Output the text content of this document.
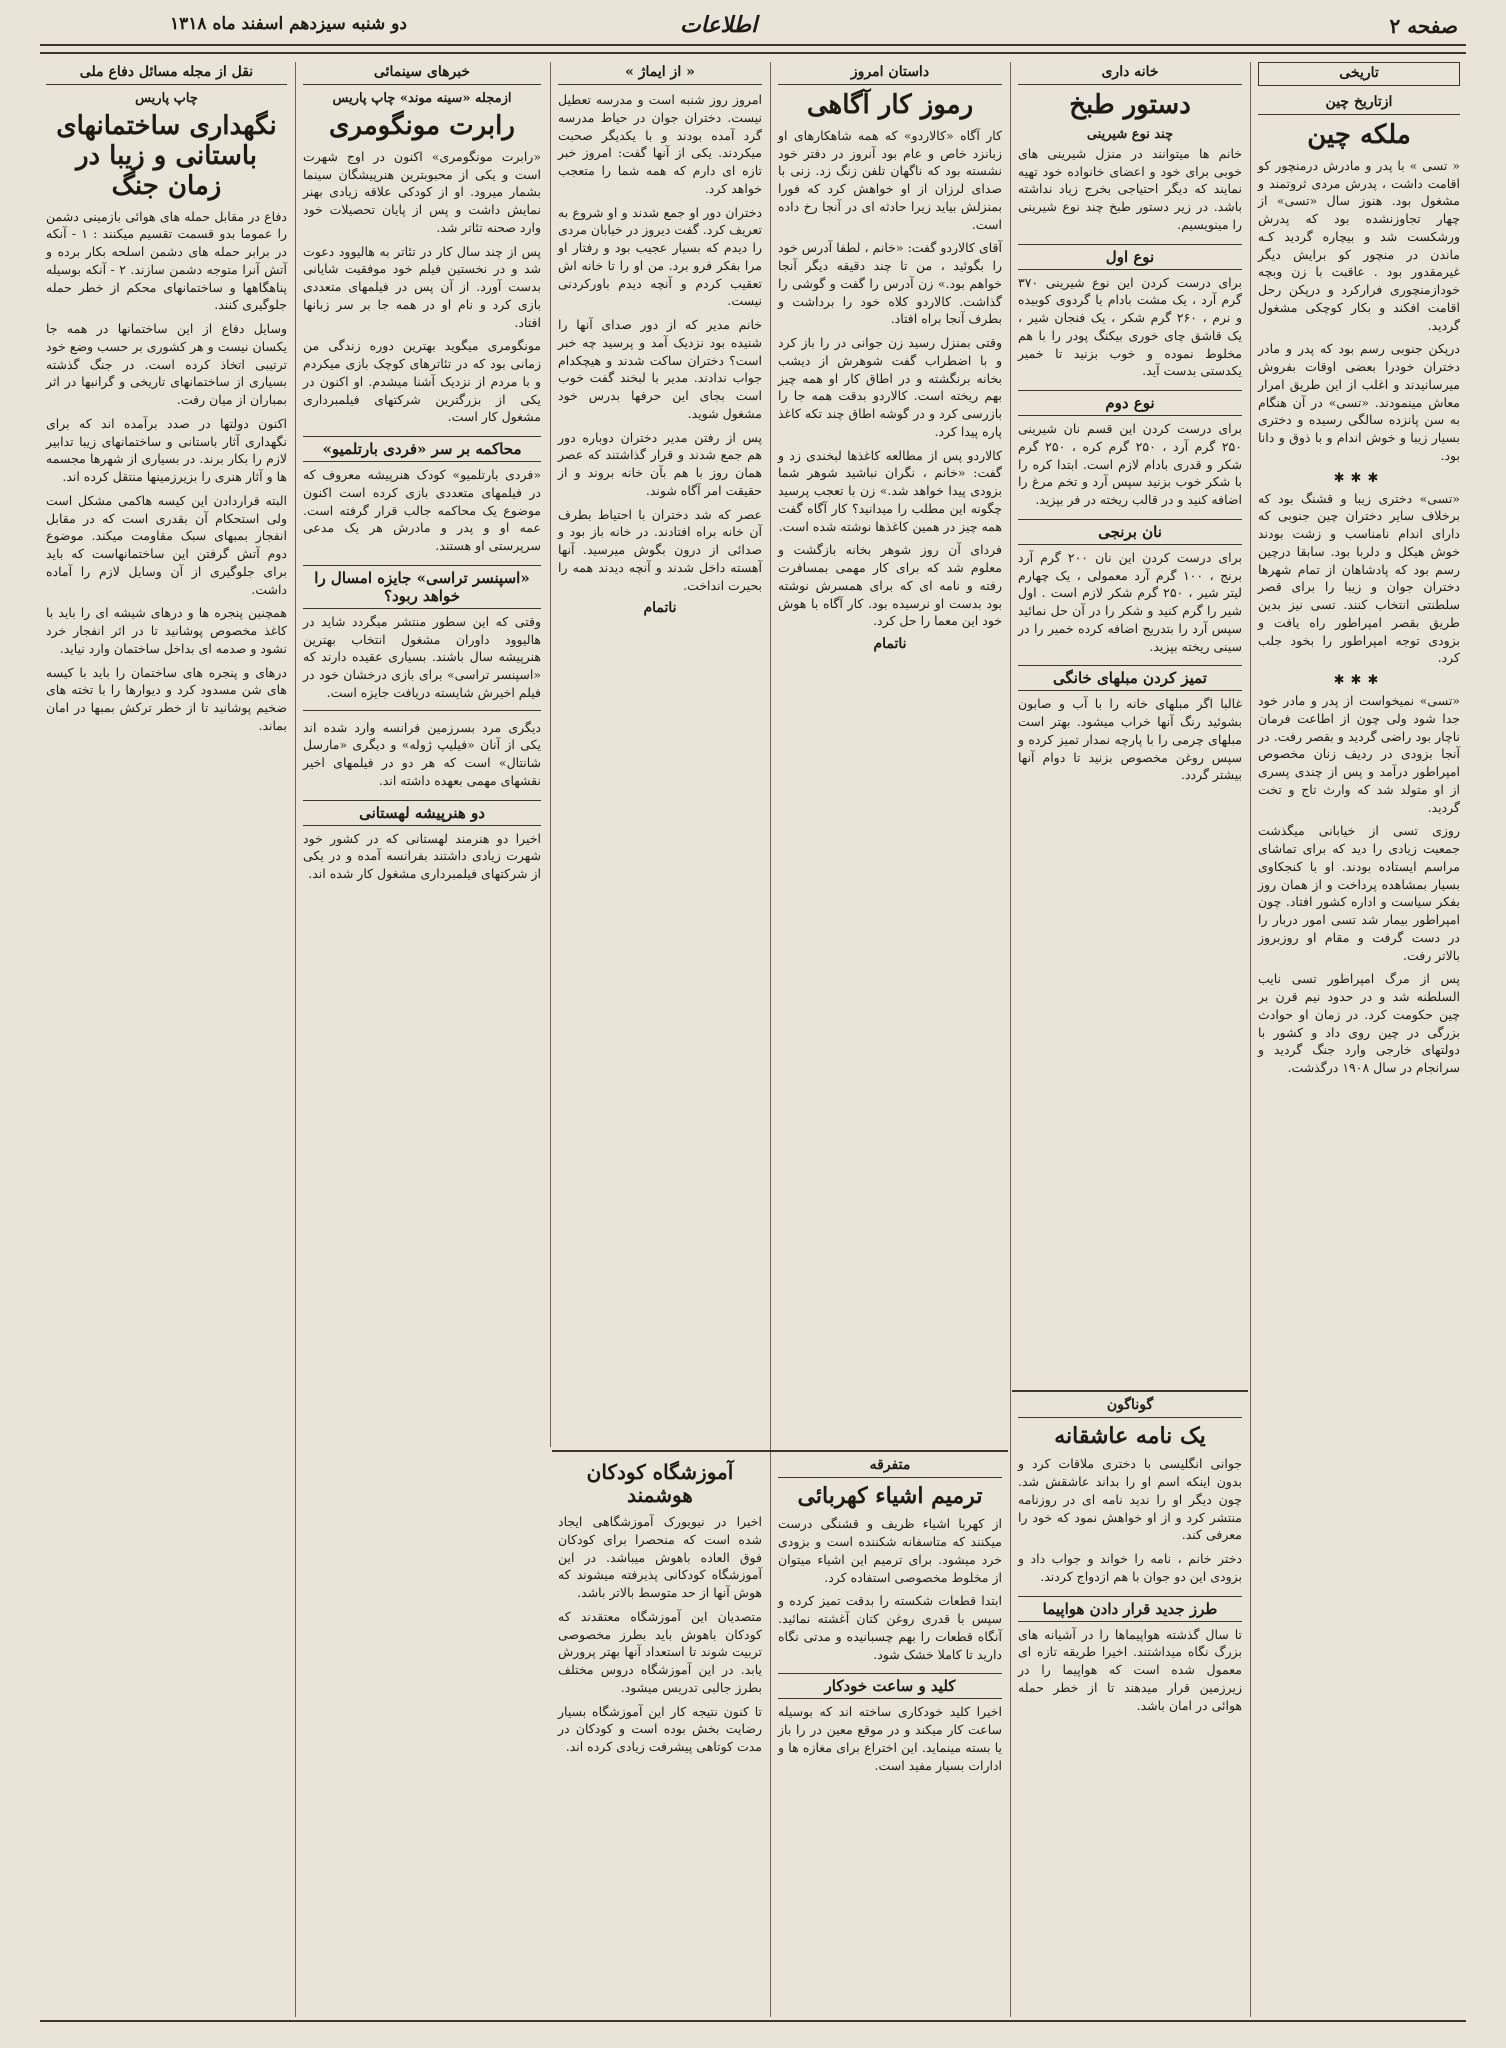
صفحه ۲
اطلاعات
دو شنبه سیزدهم اسفند ماه ۱۳۱۸
تاریخی
ازتاریخ چین
ملکه چین

« تسی » با پدر و مادرش درمنچور کو اقامت داشت ، پدرش مردی ثروتمند و مشغول بود. هنوز سال «تسی» از چهار تجاوزنشده بود که پدرش ورشکست شد و بیچاره گردید کـه ماندن در منچور کو برایش دیگر غیرمقدور بود . عاقبت با زن وبچه خودازمنچوری فرارکرد و درپکن رحل اقامت افکند و بکار کوچکی مشغول گردید.

درپکن جنوبی رسم بود که پدر و مادر دختران خودرا بعضی اوقات بفروش میرسانیدند و اغلب از این طریق امرار معاش مینمودند. «تسی» در آن هنگام به سن پانزده سالگی رسیده و دختری بسیار زیبا و خوش اندام و با ذوق و دانا بود.

✱✱✱

«تسی» دختری زیبا و قشنگ بود که برخلاف سایر دختران چین جنوبی که دارای اندام نامناسب و زشت بودند خوش هیکل و دلربا بود. سابقا درچین رسم بود که پادشاهان از تمام شهرها دختران جوان و زیبا را برای قصر سلطنتی انتخاب کنند. تسی نیز بدین طریق بقصر امپراطور راه یافت و بزودی توجه امپراطور را بخود جلب کرد.

✱✱✱

«تسی» نمیخواست از پدر و مادر خود جدا شود ولی چون از اطاعت فرمان ناچار بود راضی گردید و بقصر رفت. در آنجا بزودی در ردیف زنان مخصوص امپراطور درآمد و پس از چندی پسری از او متولد شد که وارث تاج و تخت گردید.

روزی تسی از خیابانی میگذشت جمعیت زیادی را دید که برای تماشای مراسم ایستاده بودند. او با کنجکاوی بسیار بمشاهده پرداخت و از همان روز بفکر سیاست و اداره کشور افتاد. چون امپراطور بیمار شد تسی امور دربار را در دست گرفت و مقام او روزبروز بالاتر رفت.

پس از مرگ امپراطور تسی نایب السلطنه شد و در حدود نیم قرن بر چین حکومت کرد. در زمان او حوادث بزرگی در چین روی داد و کشور با دولتهای خارجی وارد جنگ گردید و سرانجام در سال ۱۹۰۸ درگذشت.

خانه داری
دستور طبخ
چند نوع شیرینی

خانم ها میتوانند در منزل شیرینی های خوبی برای خود و اعضای خانواده خود تهیه نمایند که دیگر احتیاجی بخرج زیاد نداشته باشد. در زیر دستور طبخ چند نوع شیرینی را مینویسیم.

نوع اول

برای درست کردن این نوع شیرینی ۳۷۰ گرم آرد ، یک مشت بادام یا گردوی کوبیده و نرم ، ۲۶۰ گرم شکر ، یک فنجان شیر ، یک قاشق چای خوری بیکنگ پودر را با هم مخلوط نموده و خوب بزنید تا خمیر یکدستی بدست آید.

نوع دوم

برای درست کردن این قسم نان شیرینی ۲۵۰ گرم آرد ، ۲۵۰ گرم کره ، ۲۵۰ گرم شکر و قدری بادام لازم است. ابتدا کره را با شکر خوب بزنید سپس آرد و تخم مرغ را اضافه کنید و در قالب ریخته در فر بپزید.

نان برنجی

برای درست کردن این نان ۲۰۰ گرم آرد برنج ، ۱۰۰ گرم آرد معمولی ، یک چهارم لیتر شیر ، ۲۵۰ گرم شکر لازم است . اول شیر را گرم کنید و شکر را در آن حل نمائید سپس آرد را بتدریج اضافه کرده خمیر را در سینی ریخته بپزید.

تمیز کردن مبلهای خانگی

غالبا اگر مبلهای خانه را با آب و صابون بشوئید رنگ آنها خراب میشود. بهتر است مبلهای چرمی را با پارچه نمدار تمیز کرده و سپس روغن مخصوص بزنید تا دوام آنها بیشتر گردد.

داستان امروز
رموز کار آگاهی

کار آگاه «کالاردو» که همه شاهکارهای او زبانزد خاص و عام بود آنروز در دفتر خود نشسته بود که ناگهان تلفن زنگ زد. زنی با صدای لرزان از او خواهش کرد که فورا بمنزلش بیاید زیرا حادثه ای در آنجا رخ داده است.

آقای کالاردو گفت: «خانم ، لطفا آدرس خود را بگوئید ، من تا چند دقیقه دیگر آنجا خواهم بود.» زن آدرس را گفت و گوشی را گذاشت. کالاردو کلاه خود را برداشت و بطرف آنجا براه افتاد.

وقتی بمنزل رسید زن جوانی در را باز کرد و با اضطراب گفت شوهرش از دیشب بخانه برنگشته و در اطاق کار او همه چیز بهم ریخته است. کالاردو بدقت همه جا را بازرسی کرد و در گوشه اطاق چند تکه کاغذ پاره پیدا کرد.

کالاردو پس از مطالعه کاغذها لبخندی زد و گفت: «خانم ، نگران نباشید شوهر شما بزودی پیدا خواهد شد.» زن با تعجب پرسید چگونه این مطلب را میدانید؟ کار آگاه گفت همه چیز در همین کاغذها نوشته شده است.

فردای آن روز شوهر بخانه بازگشت و معلوم شد که برای کار مهمی بمسافرت رفته و نامه ای که برای همسرش نوشته بود بدست او نرسیده بود. کار آگاه با هوش خود این معما را حل کرد.

ناتمام
« از ایماژ »

امروز روز شنبه است و مدرسه تعطیل نیست. دختران جوان در حیاط مدرسه گرد آمده بودند و با یکدیگر صحبت میکردند. یکی از آنها گفت: امروز خبر تازه ای دارم که همه شما را متعجب خواهد کرد.

دختران دور او جمع شدند و او شروع به تعریف کرد. گفت دیروز در خیابان مردی را دیدم که بسیار عجیب بود و رفتار او مرا بفکر فرو برد. من او را تا خانه اش تعقیب کردم و آنچه دیدم باورکردنی نیست.

خانم مدیر که از دور صدای آنها را شنیده بود نزدیک آمد و پرسید چه خبر است؟ دختران ساکت شدند و هیچکدام جواب ندادند. مدیر با لبخند گفت خوب است بجای این حرفها بدرس خود مشغول شوید.

پس از رفتن مدیر دختران دوباره دور هم جمع شدند و قرار گذاشتند که عصر همان روز با هم بآن خانه بروند و از حقیقت امر آگاه شوند.

عصر که شد دختران با احتیاط بطرف آن خانه براه افتادند. در خانه باز بود و صدائی از درون بگوش میرسید. آنها آهسته داخل شدند و آنچه دیدند همه را بحیرت انداخت.

ناتمام
خبرهای سینمائی
ازمجله «سینه موند» چاپ پاریس
رابرت مونگومری

«رابرت مونگومری» اکنون در اوج شهرت است و یکی از محبوبترین هنرپیشگان سینما بشمار میرود. او از کودکی علاقه زیادی بهنر نمایش داشت و پس از پایان تحصیلات خود وارد صحنه تئاتر شد.

پس از چند سال کار در تئاتر به هالیوود دعوت شد و در نخستین فیلم خود موفقیت شایانی بدست آورد. از آن پس در فیلمهای متعددی بازی کرد و نام او در همه جا بر سر زبانها افتاد.

مونگومری میگوید بهترین دوره زندگی من زمانی بود که در تئاترهای کوچک بازی میکردم و با مردم از نزدیک آشنا میشدم. او اکنون در یکی از بزرگترین شرکتهای فیلمبرداری مشغول کار است.

محاکمه بر سر «فردی بارتلمیو»

«فردی بارتلمیو» کودک هنرپیشه معروف که در فیلمهای متعددی بازی کرده است اکنون موضوع یک محاکمه جالب قرار گرفته است. عمه او و پدر و مادرش هر یک مدعی سرپرستی او هستند.

«اسپنسر تراسی» جایزه امسال را خواهد ربود؟

وقتی که این سطور منتشر میگردد شاید در هالیوود داوران مشغول انتخاب بهترین هنرپیشه سال باشند. بسیاری عقیده دارند که «اسپنسر تراسی» برای بازی درخشان خود در فیلم اخیرش شایسته دریافت جایزه است.

دیگری مرد بسرزمین فرانسه وارد شده اند یکی از آنان «فیلیپ ژوله» و دیگری «مارسل شانتال» است که هر دو در فیلمهای اخیر نقشهای مهمی بعهده داشته اند.

دو هنرپیشه لهستانی

اخیرا دو هنرمند لهستانی که در کشور خود شهرت زیادی داشتند بفرانسه آمده و در یکی از شرکتهای فیلمبرداری مشغول کار شده اند.

نقل از مجله مسائل دفاع ملی
چاپ پاریس
نگهداری ساختمانهای باستانی و زیبا در زمان جنگ

دفاع در مقابل حمله های هوائی بازمینی دشمن را عموما بدو قسمت تقسیم میکنند : ۱ - آنکه در برابر حمله های دشمن اسلحه بکار برده و آتش آنرا متوجه دشمن سازند. ۲ - آنکه بوسیله پناهگاهها و ساختمانهای محکم از خطر حمله جلوگیری کنند.

وسایل دفاع از این ساختمانها در همه جا یکسان نیست و هر کشوری بر حسب وضع خود ترتیبی اتخاذ کرده است. در جنگ گذشته بسیاری از ساختمانهای تاریخی و گرانبها در اثر بمباران از میان رفت.

اکنون دولتها در صدد برآمده اند که برای نگهداری آثار باستانی و ساختمانهای زیبا تدابیر لازم را بکار برند. در بسیاری از شهرها مجسمه ها و آثار هنری را بزیرزمینها منتقل کرده اند.

البته قراردادن این کیسه هاکمی مشکل است ولی استحکام آن بقدری است که در مقابل انفجار بمبهای سبک مقاومت میکند. موضوع دوم آتش گرفتن این ساختمانهاست که باید برای جلوگیری از آن وسایل لازم را آماده داشت.

همچنین پنجره ها و درهای شیشه ای را باید با کاغذ مخصوص پوشانید تا در اثر انفجار خرد نشود و صدمه ای بداخل ساختمان وارد نیاید.

درهای و پنجره های ساختمان را باید با کیسه های شن مسدود کرد و دیوارها را با تخته های ضخیم پوشانید تا از خطر ترکش بمبها در امان بماند.

آموزشگاه کودکان هوشمند

اخیرا در نیویورک آموزشگاهی ایجاد شده است که منحصرا برای کودکان فوق العاده باهوش میباشد. در این آموزشگاه کودکانی پذیرفته میشوند که هوش آنها از حد متوسط بالاتر باشد.

متصدیان این آموزشگاه معتقدند که کودکان باهوش باید بطرز مخصوصی تربیت شوند تا استعداد آنها بهتر پرورش یابد. در این آموزشگاه دروس مختلف بطرز جالبی تدریس میشود.

تا کنون نتیجه کار این آموزشگاه بسیار رضایت بخش بوده است و کودکان در مدت کوتاهی پیشرفت زیادی کرده اند.

متفرقه
ترمیم اشیاء کهربائی

از کهربا اشیاء ظریف و قشنگی درست میکنند که متاسفانه شکننده است و بزودی خرد میشود. برای ترمیم این اشیاء میتوان از مخلوط مخصوصی استفاده کرد.

ابتدا قطعات شکسته را بدقت تمیز کرده و سپس با قدری روغن کتان آغشته نمائید. آنگاه قطعات را بهم چسبانیده و مدتی نگاه دارید تا کاملا خشک شود.

کلید و ساعت خودکار

اخیرا کلید خودکاری ساخته اند که بوسیله ساعت کار میکند و در موقع معین در را باز یا بسته مینماید. این اختراع برای مغازه ها و ادارات بسیار مفید است.

گوناگون
یک نامه عاشقانه

جوانی انگلیسی با دختری ملاقات کرد و بدون اینکه اسم او را بداند عاشقش شد. چون دیگر او را ندید نامه ای در روزنامه منتشر کرد و از او خواهش نمود که خود را معرفی کند.

دختر خانم ، نامه را خواند و جواب داد و بزودی این دو جوان با هم ازدواج کردند.

طرز جدید قرار دادن هواپیما

تا سال گذشته هواپیماها را در آشیانه های بزرگ نگاه میداشتند. اخیرا طریقه تازه ای معمول شده است که هواپیما را در زیرزمین قرار میدهند تا از خطر حمله هوائی در امان باشد.
